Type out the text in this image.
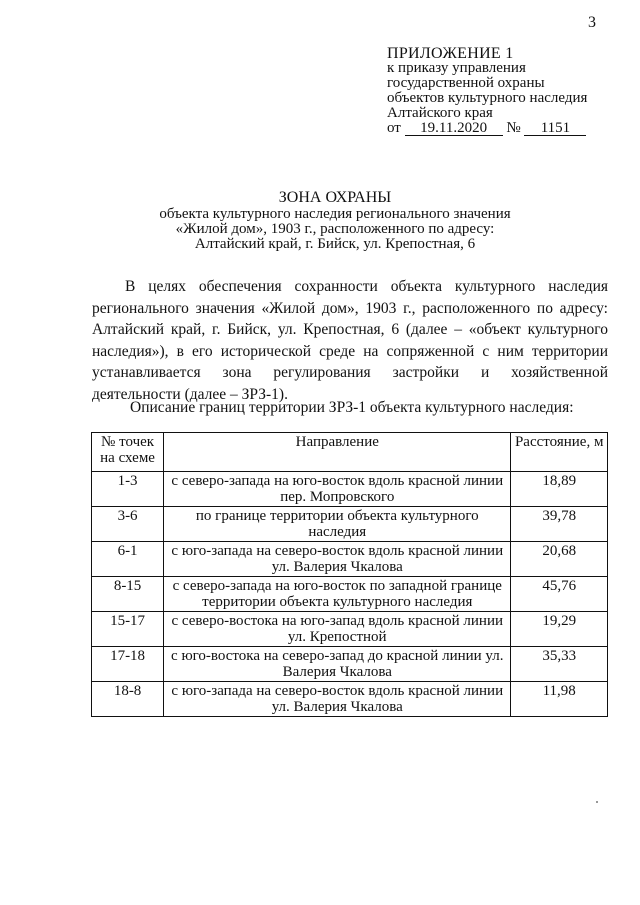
3
ПРИЛОЖЕНИЕ 1
к приказу управления
государственной охраны
объектов культурного наследия
Алтайского края
от 19.11.2020 № 1151
ЗОНА ОХРАНЫ
объекта культурного наследия регионального значения
«Жилой дом», 1903 г., расположенного по адресу:
Алтайский край, г. Бийск, ул. Крепостная, 6
В целях обеспечения сохранности объекта культурного наследия регионального значения «Жилой дом», 1903 г., расположенного по адресу: Алтайский край, г. Бийск, ул. Крепостная, 6 (далее – «объект культурного наследия»), в его исторической среде на сопряженной с ним территории устанавливается зона регулирования застройки и хозяйственной деятельности (далее – ЗРЗ-1).
Описание границ территории ЗРЗ-1 объекта культурного наследия:
№ точек на схеме	Направление	Расстояние, м
1-3	с северо-запада на юго-восток вдоль красной линии пер. Мопровского	18,89
3-6	по границе территории объекта культурного наследия	39,78
6-1	с юго-запада на северо-восток вдоль красной линии ул. Валерия Чкалова	20,68
8-15	с северо-запада на юго-восток по западной границе территории объекта культурного наследия	45,76
15-17	с северо-востока на юго-запад вдоль красной линии ул. Крепостной	19,29
17-18	с юго-востока на северо-запад до красной линии ул. Валерия Чкалова	35,33
18-8	с юго-запада на северо-восток вдоль красной линии ул. Валерия Чкалова	11,98
